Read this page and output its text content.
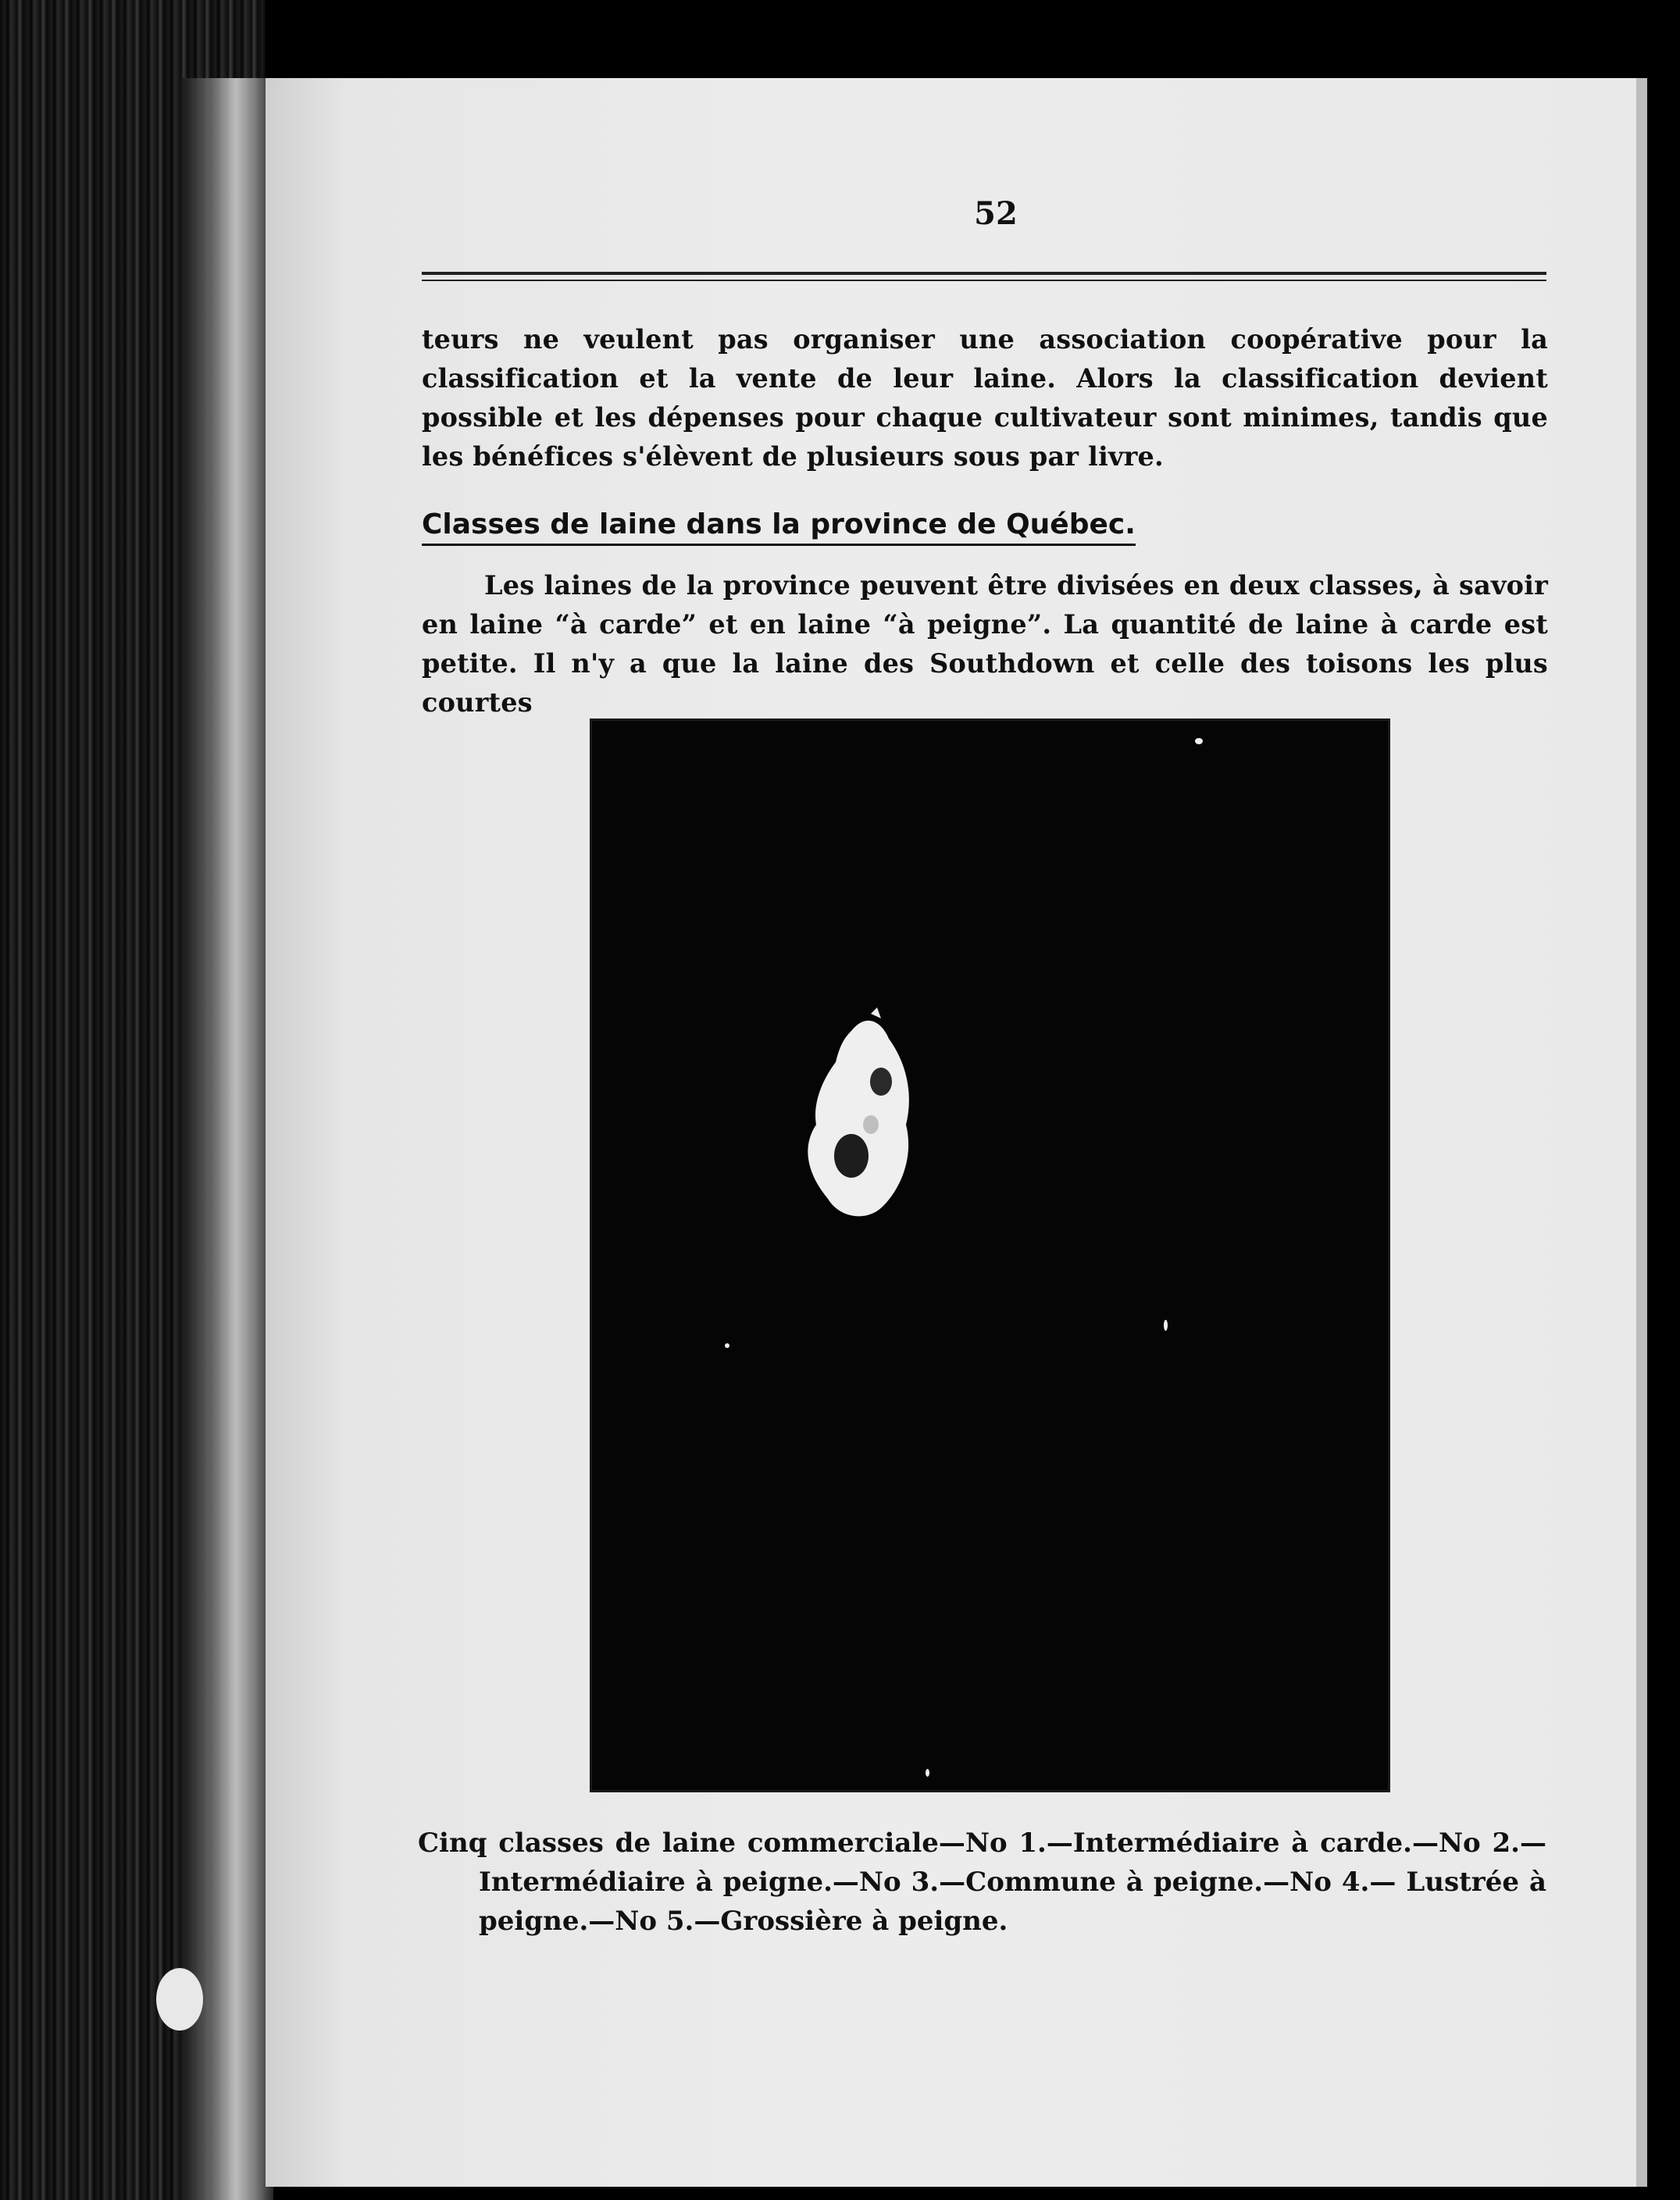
52
teurs ne veulent pas organiser une association coopérative pour la classification et la vente de leur laine. Alors la classification devient possible et les dépenses pour chaque cultivateur sont minimes, tandis que les bénéfices s'élèvent de plusieurs sous par livre.
Classes de laine dans la province de Québec.
Les laines de la province peuvent être divisées en deux classes, à savoir en laine “à carde” et en laine “à peigne”. La quantité de laine à carde est petite. Il n'y a que la laine des Southdown et celle des toisons les plus courtes
Cinq classes de laine commerciale—No 1.—Intermédiaire à carde.—No 2.—Intermédiaire à peigne.—No 3.—Commune à peigne.—No 4.— Lustrée à peigne.—No 5.—Grossière à peigne.
